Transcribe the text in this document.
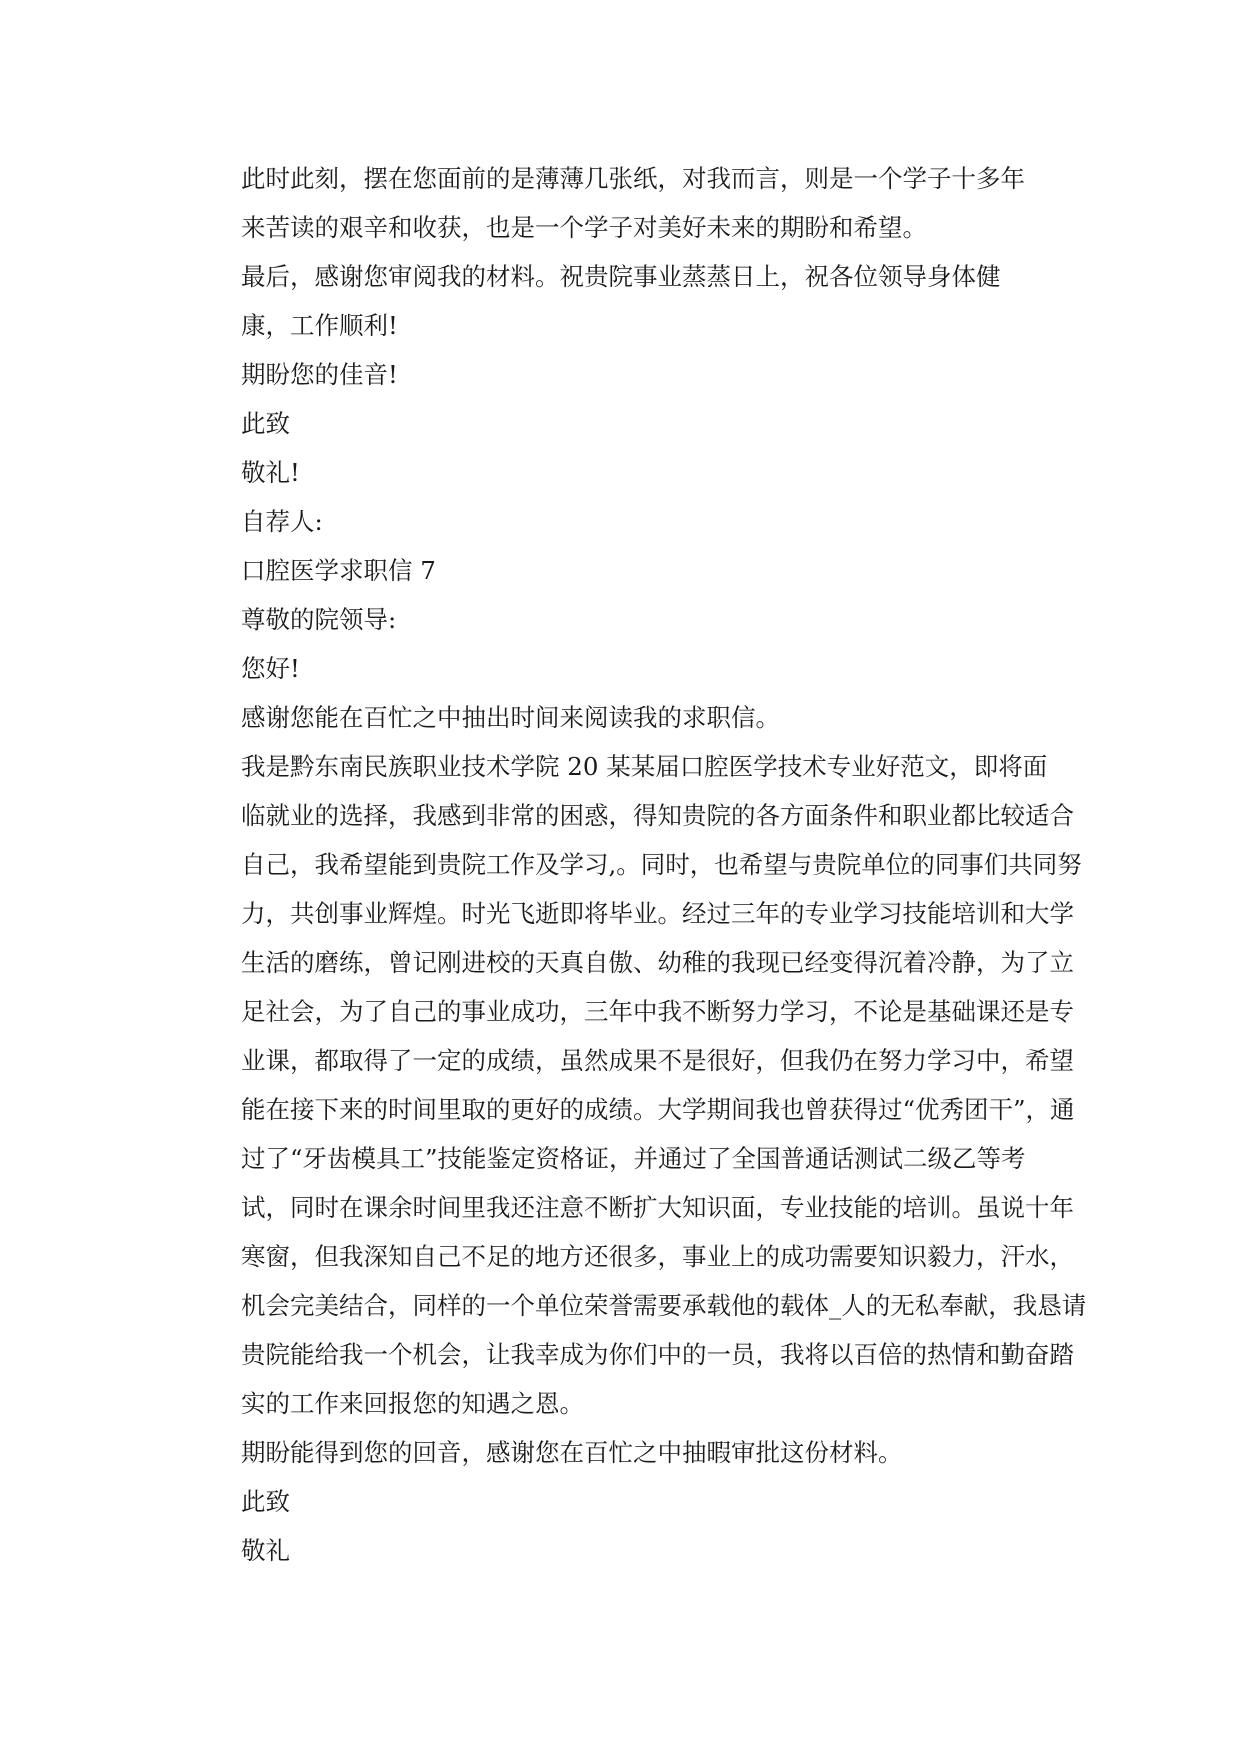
此时此刻，摆在您面前的是薄薄几张纸，对我而言，则是一个学子十多年
来苦读的艰辛和收获，也是一个学子对美好未来的期盼和希望。
最后，感谢您审阅我的材料。祝贵院事业蒸蒸日上，祝各位领导身体健
康，工作顺利!
期盼您的佳音!
此致
敬礼!
自荐人:
口腔医学求职信 7
尊敬的院领导:
您好!
感谢您能在百忙之中抽出时间来阅读我的求职信。
我是黔东南民族职业技术学院 20 某某届口腔医学技术专业好范文，即将面
临就业的选择，我感到非常的困惑，得知贵院的各方面条件和职业都比较适合
自己，我希望能到贵院工作及学习,。同时，也希望与贵院单位的同事们共同努
力，共创事业辉煌。时光飞逝即将毕业。经过三年的专业学习技能培训和大学
生活的磨练，曾记刚进校的天真自傲、幼稚的我现已经变得沉着冷静，为了立
足社会，为了自己的事业成功，三年中我不断努力学习，不论是基础课还是专
业课，都取得了一定的成绩，虽然成果不是很好，但我仍在努力学习中，希望
能在接下来的时间里取的更好的成绩。大学期间我也曾获得过“优秀团干”，通
过了“牙齿模具工”技能鉴定资格证，并通过了全国普通话测试二级乙等考
试，同时在课余时间里我还注意不断扩大知识面，专业技能的培训。虽说十年
寒窗，但我深知自己不足的地方还很多，事业上的成功需要知识毅力，汗水，
机会完美结合，同样的一个单位荣誉需要承载他的载体_人的无私奉献，我恳请
贵院能给我一个机会，让我幸成为你们中的一员，我将以百倍的热情和勤奋踏
实的工作来回报您的知遇之恩。
期盼能得到您的回音，感谢您在百忙之中抽暇审批这份材料。
此致
敬礼
